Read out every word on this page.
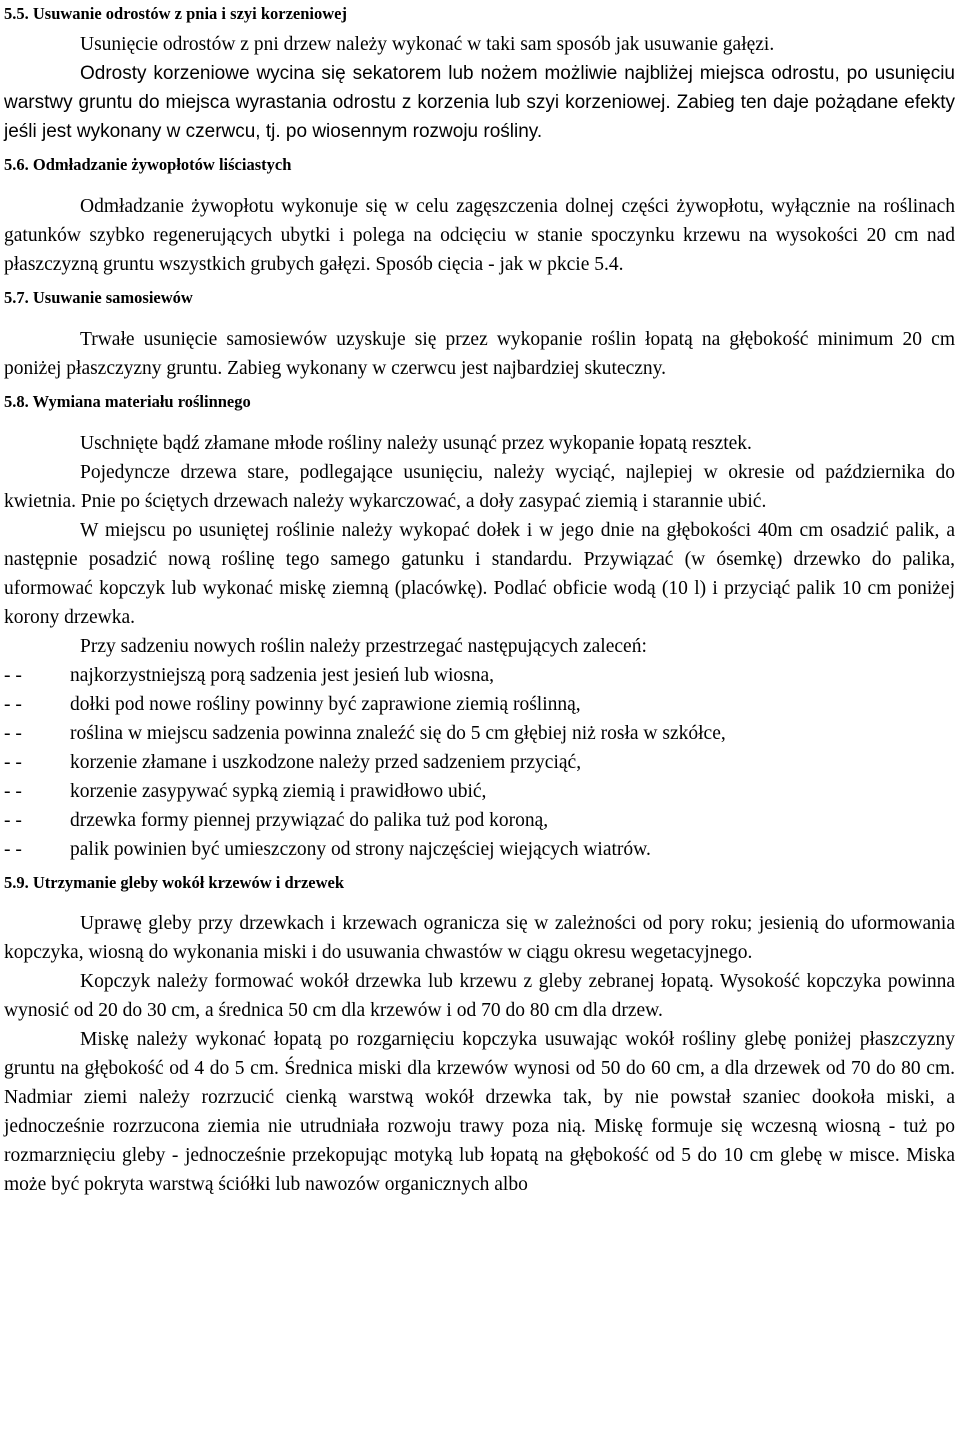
5.5. Usuwanie odrostów z pnia i szyi korzeniowej

Usunięcie odrostów z pni drzew należy wykonać w taki sam sposób jak usuwanie gałęzi.

Odrosty korzeniowe wycina się sekatorem lub nożem możliwie najbliżej miejsca odrostu, po usunięciu warstwy gruntu do miejsca wyrastania odrostu z korzenia lub szyi korzeniowej. Zabieg ten daje pożądane efekty jeśli jest wykonany w czerwcu, tj. po wiosennym rozwoju rośliny.

5.6. Odmładzanie żywopłotów liściastych

Odmładzanie żywopłotu wykonuje się w celu zagęszczenia dolnej części żywopłotu, wyłącznie na roślinach gatunków szybko regenerujących ubytki i polega na odcięciu w stanie spoczynku krzewu na wysokości 20 cm nad płaszczyzną gruntu wszystkich grubych gałęzi. Sposób cięcia - jak w pkcie 5.4.

5.7. Usuwanie samosiewów

Trwałe usunięcie samosiewów uzyskuje się przez wykopanie roślin łopatą na głębokość minimum 20 cm poniżej płaszczyzny gruntu. Zabieg wykonany w czerwcu jest najbardziej skuteczny.

5.8. Wymiana materiału roślinnego

Uschnięte bądź złamane młode rośliny należy usunąć przez wykopanie łopatą resztek.

Pojedyncze drzewa stare, podlegające usunięciu, należy wyciąć, najlepiej w okresie od października do kwietnia. Pnie po ściętych drzewach należy wykarczować, a doły zasypać ziemią i starannie ubić.

W miejscu po usuniętej roślinie należy wykopać dołek i w jego dnie na głębokości 40m cm osadzić palik, a następnie posadzić nową roślinę tego samego gatunku i standardu. Przywiązać (w ósemkę) drzewko do palika, uformować kopczyk lub wykonać miskę ziemną (placówkę). Podlać obficie wodą (10 l) i przyciąć palik 10 cm poniżej korony drzewka.

Przy sadzeniu nowych roślin należy przestrzegać następujących zaleceń:

- - najkorzystniejszą porą sadzenia jest jesień lub wiosna,
- - dołki pod nowe rośliny powinny być zaprawione ziemią roślinną,
- - roślina w miejscu sadzenia powinna znaleźć się do 5 cm głębiej niż rosła w szkółce,
- - korzenie złamane i uszkodzone należy przed sadzeniem przyciąć,
- - korzenie zasypywać sypką ziemią i prawidłowo ubić,
- - drzewka formy piennej przywiązać do palika tuż pod koroną,
- - palik powinien być umieszczony od strony najczęściej wiejących wiatrów.
5.9. Utrzymanie gleby wokół krzewów i drzewek

Uprawę gleby przy drzewkach i krzewach ogranicza się w zależności od pory roku; jesienią do uformowania kopczyka, wiosną do wykonania miski i do usuwania chwastów w ciągu okresu wegetacyjnego.

Kopczyk należy formować wokół drzewka lub krzewu z gleby zebranej łopatą. Wysokość kopczyka powinna wynosić od 20 do 30 cm, a średnica 50 cm dla krzewów i od 70 do 80 cm dla drzew.

Miskę należy wykonać łopatą po rozgarnięciu kopczyka usuwając wokół rośliny glebę poniżej płaszczyzny gruntu na głębokość od 4 do 5 cm. Średnica miski dla krzewów wynosi od 50 do 60 cm, a dla drzewek od 70 do 80 cm. Nadmiar ziemi należy rozrzucić cienką warstwą wokół drzewka tak, by nie powstał szaniec dookoła miski, a jednocześnie rozrzucona ziemia nie utrudniała rozwoju trawy poza nią. Miskę formuje się wczesną wiosną - tuż po rozmarznięciu gleby - jednocześnie przekopując motyką lub łopatą na głębokość od 5 do 10 cm glebę w misce. Miska może być pokryta warstwą ściółki lub nawozów organicznych albo
